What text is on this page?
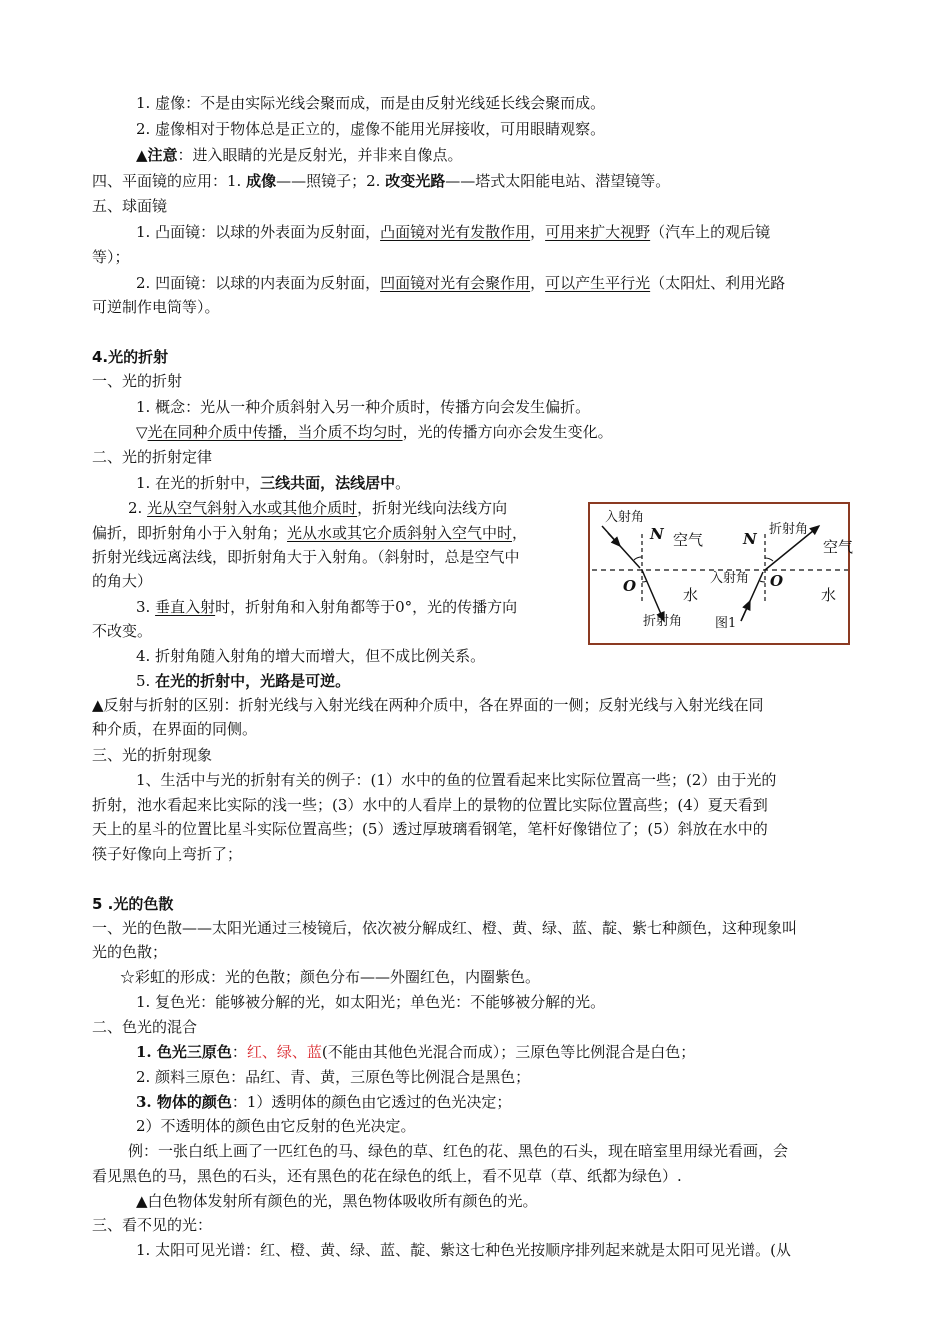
1. 虚像：不是由实际光线会聚而成，而是由反射光线延长线会聚而成。
2. 虚像相对于物体总是正立的，虚像不能用光屏接收，可用眼睛观察。
▲注意：进入眼睛的光是反射光，并非来自像点。
四、平面镜的应用：1. 成像——照镜子；2. 改变光路——塔式太阳能电站、潜望镜等。
五、球面镜
1. 凸面镜：以球的外表面为反射面，凸面镜对光有发散作用，可用来扩大视野（汽车上的观后镜
等）；
2. 凹面镜：以球的内表面为反射面，凹面镜对光有会聚作用，可以产生平行光（太阳灶、利用光路
可逆制作电筒等）。
4.光的折射
一、光的折射
1. 概念：光从一种介质斜射入另一种介质时，传播方向会发生偏折。
▽光在同种介质中传播，当介质不均匀时，光的传播方向亦会发生变化。
二、光的折射定律
1. 在光的折射中，三线共面，法线居中。
2. 光从空气斜射入水或其他介质时，折射光线向法线方向
偏折，即折射角小于入射角；光从水或其它介质斜射入空气中时，
折射光线远离法线，即折射角大于入射角。（斜射时，总是空气中
的角大）
3. 垂直入射时，折射角和入射角都等于0°，光的传播方向
不改变。
4. 折射角随入射角的增大而增大，但不成比例关系。
5. 在光的折射中，光路是可逆。
▲反射与折射的区别：折射光线与入射光线在两种介质中，各在界面的一侧；反射光线与入射光线在同
种介质，在界面的同侧。
三、光的折射现象
1、生活中与光的折射有关的例子：(1）水中的鱼的位置看起来比实际位置高一些；(2）由于光的
折射，池水看起来比实际的浅一些；(3）水中的人看岸上的景物的位置比实际位置高些；(4）夏天看到
天上的星斗的位置比星斗实际位置高些；(5）透过厚玻璃看钢笔，笔杆好像错位了；(5）斜放在水中的
筷子好像向上弯折了；
入射角
N 空气
O	水
折射角
N
折射角
空气
入射角 O
水
图1
5 .光的色散
一、光的色散——太阳光通过三棱镜后，依次被分解成红、橙、黄、绿、蓝、靛、紫七种颜色，这种现象叫
光的色散；
☆彩虹的形成：光的色散；颜色分布——外圈红色，内圈紫色。
1. 复色光：能够被分解的光，如太阳光；单色光：不能够被分解的光。
二、色光的混合
1. 色光三原色：红、绿、蓝(不能由其他色光混合而成）；三原色等比例混合是白色；
2. 颜料三原色：品红、青、黄，三原色等比例混合是黑色；
3. 物体的颜色：1）透明体的颜色由它透过的色光决定；
2）不透明体的颜色由它反射的色光决定。
例：一张白纸上画了一匹红色的马、绿色的草、红色的花、黑色的石头，现在暗室里用绿光看画，会
看见黑色的马，黑色的石头，还有黑色的花在绿色的纸上，看不见草（草、纸都为绿色）.
▲白色物体发射所有颜色的光，黑色物体吸收所有颜色的光。
三、看不见的光：
1. 太阳可见光谱：红、橙、黄、绿、蓝、靛、紫这七种色光按顺序排列起来就是太阳可见光谱。(从
